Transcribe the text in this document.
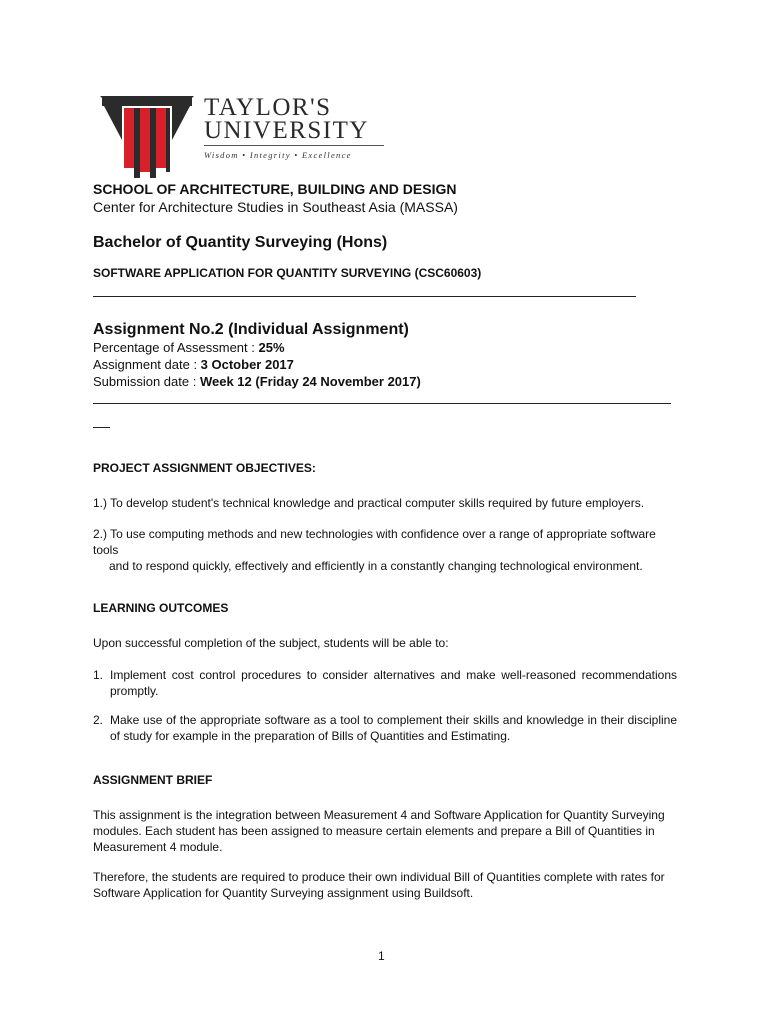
TAYLOR'S
UNIVERSITY
Wisdom • Integrity • Excellence
SCHOOL OF ARCHITECTURE, BUILDING AND DESIGN
Center for Architecture Studies in Southeast Asia (MASSA)
Bachelor of Quantity Surveying (Hons)
SOFTWARE APPLICATION FOR QUANTITY SURVEYING (CSC60603)
Assignment No.2 (Individual Assignment)
Percentage of Assessment : 25%
Assignment date : 3 October 2017
Submission date : Week 12 (Friday 24 November 2017)
PROJECT ASSIGNMENT OBJECTIVES:
1.) To develop student's technical knowledge and practical computer skills required by future employers.
2.) To use computing methods and new technologies with confidence over a range of appropriate software tools
and to respond quickly, effectively and efficiently in a constantly changing technological environment.
LEARNING OUTCOMES
Upon successful completion of the subject, students will be able to:
1. Implement cost control procedures to consider alternatives and make well-reasoned recommendations promptly.
2. Make use of the appropriate software as a tool to complement their skills and knowledge in their discipline of study for example in the preparation of Bills of Quantities and Estimating.
ASSIGNMENT BRIEF
This assignment is the integration between Measurement 4 and Software Application for Quantity Surveying modules. Each student has been assigned to measure certain elements and prepare a Bill of Quantities in Measurement 4 module.
Therefore, the students are required to produce their own individual Bill of Quantities complete with rates for Software Application for Quantity Surveying assignment using Buildsoft.
1
